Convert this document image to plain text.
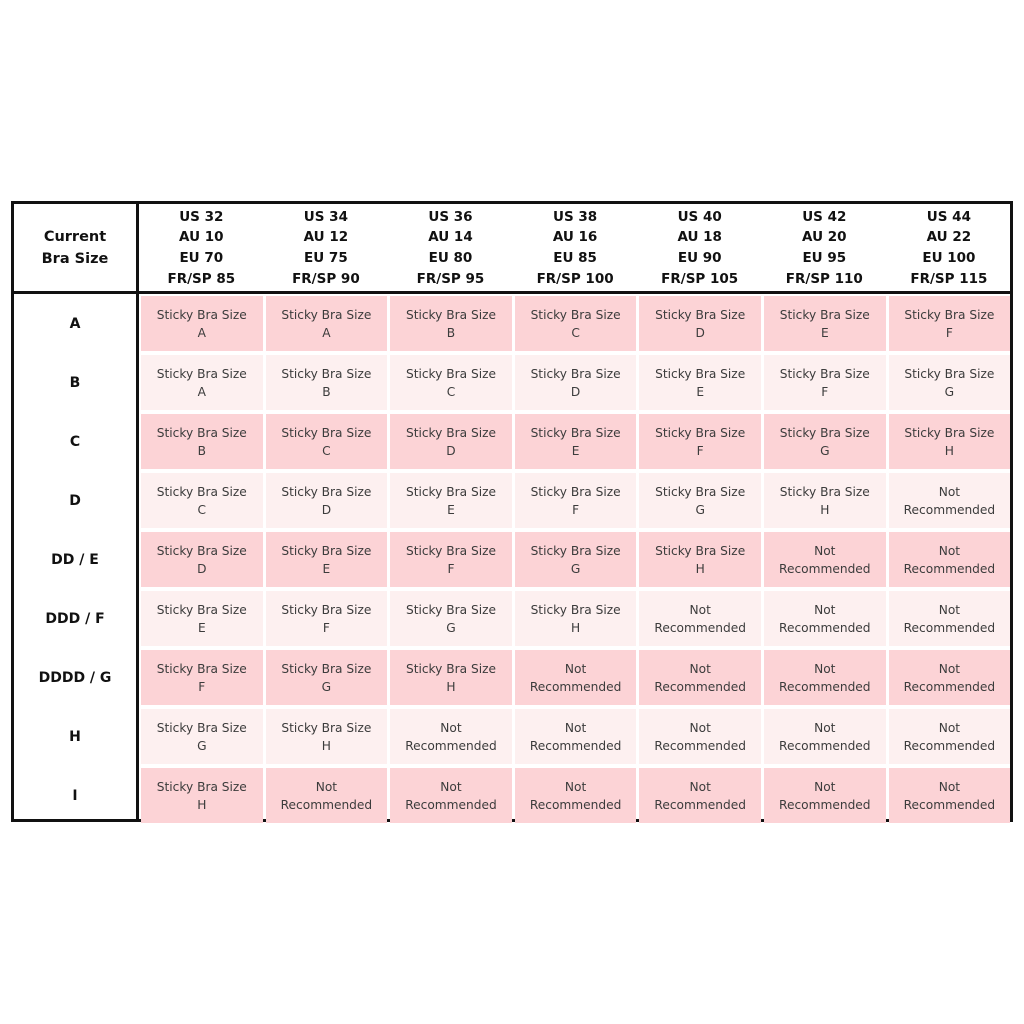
Current
Bra Size
US 32
AU 10
EU 70
FR/SP 85
US 34
AU 12
EU 75
FR/SP 90
US 36
AU 14
EU 80
FR/SP 95
US 38
AU 16
EU 85
FR/SP 100
US 40
AU 18
EU 90
FR/SP 105
US 42
AU 20
EU 95
FR/SP 110
US 44
AU 22
EU 100
FR/SP 115
A
Sticky Bra Size
A
Sticky Bra Size
A
Sticky Bra Size
B
Sticky Bra Size
C
Sticky Bra Size
D
Sticky Bra Size
E
Sticky Bra Size
F
B
Sticky Bra Size
A
Sticky Bra Size
B
Sticky Bra Size
C
Sticky Bra Size
D
Sticky Bra Size
E
Sticky Bra Size
F
Sticky Bra Size
G
C
Sticky Bra Size
B
Sticky Bra Size
C
Sticky Bra Size
D
Sticky Bra Size
E
Sticky Bra Size
F
Sticky Bra Size
G
Sticky Bra Size
H
D
Sticky Bra Size
C
Sticky Bra Size
D
Sticky Bra Size
E
Sticky Bra Size
F
Sticky Bra Size
G
Sticky Bra Size
H
Not
Recommended
DD / E
Sticky Bra Size
D
Sticky Bra Size
E
Sticky Bra Size
F
Sticky Bra Size
G
Sticky Bra Size
H
Not
Recommended
Not
Recommended
DDD / F
Sticky Bra Size
E
Sticky Bra Size
F
Sticky Bra Size
G
Sticky Bra Size
H
Not
Recommended
Not
Recommended
Not
Recommended
DDDD / G
Sticky Bra Size
F
Sticky Bra Size
G
Sticky Bra Size
H
Not
Recommended
Not
Recommended
Not
Recommended
Not
Recommended
H
Sticky Bra Size
G
Sticky Bra Size
H
Not
Recommended
Not
Recommended
Not
Recommended
Not
Recommended
Not
Recommended
I
Sticky Bra Size
H
Not
Recommended
Not
Recommended
Not
Recommended
Not
Recommended
Not
Recommended
Not
Recommended
